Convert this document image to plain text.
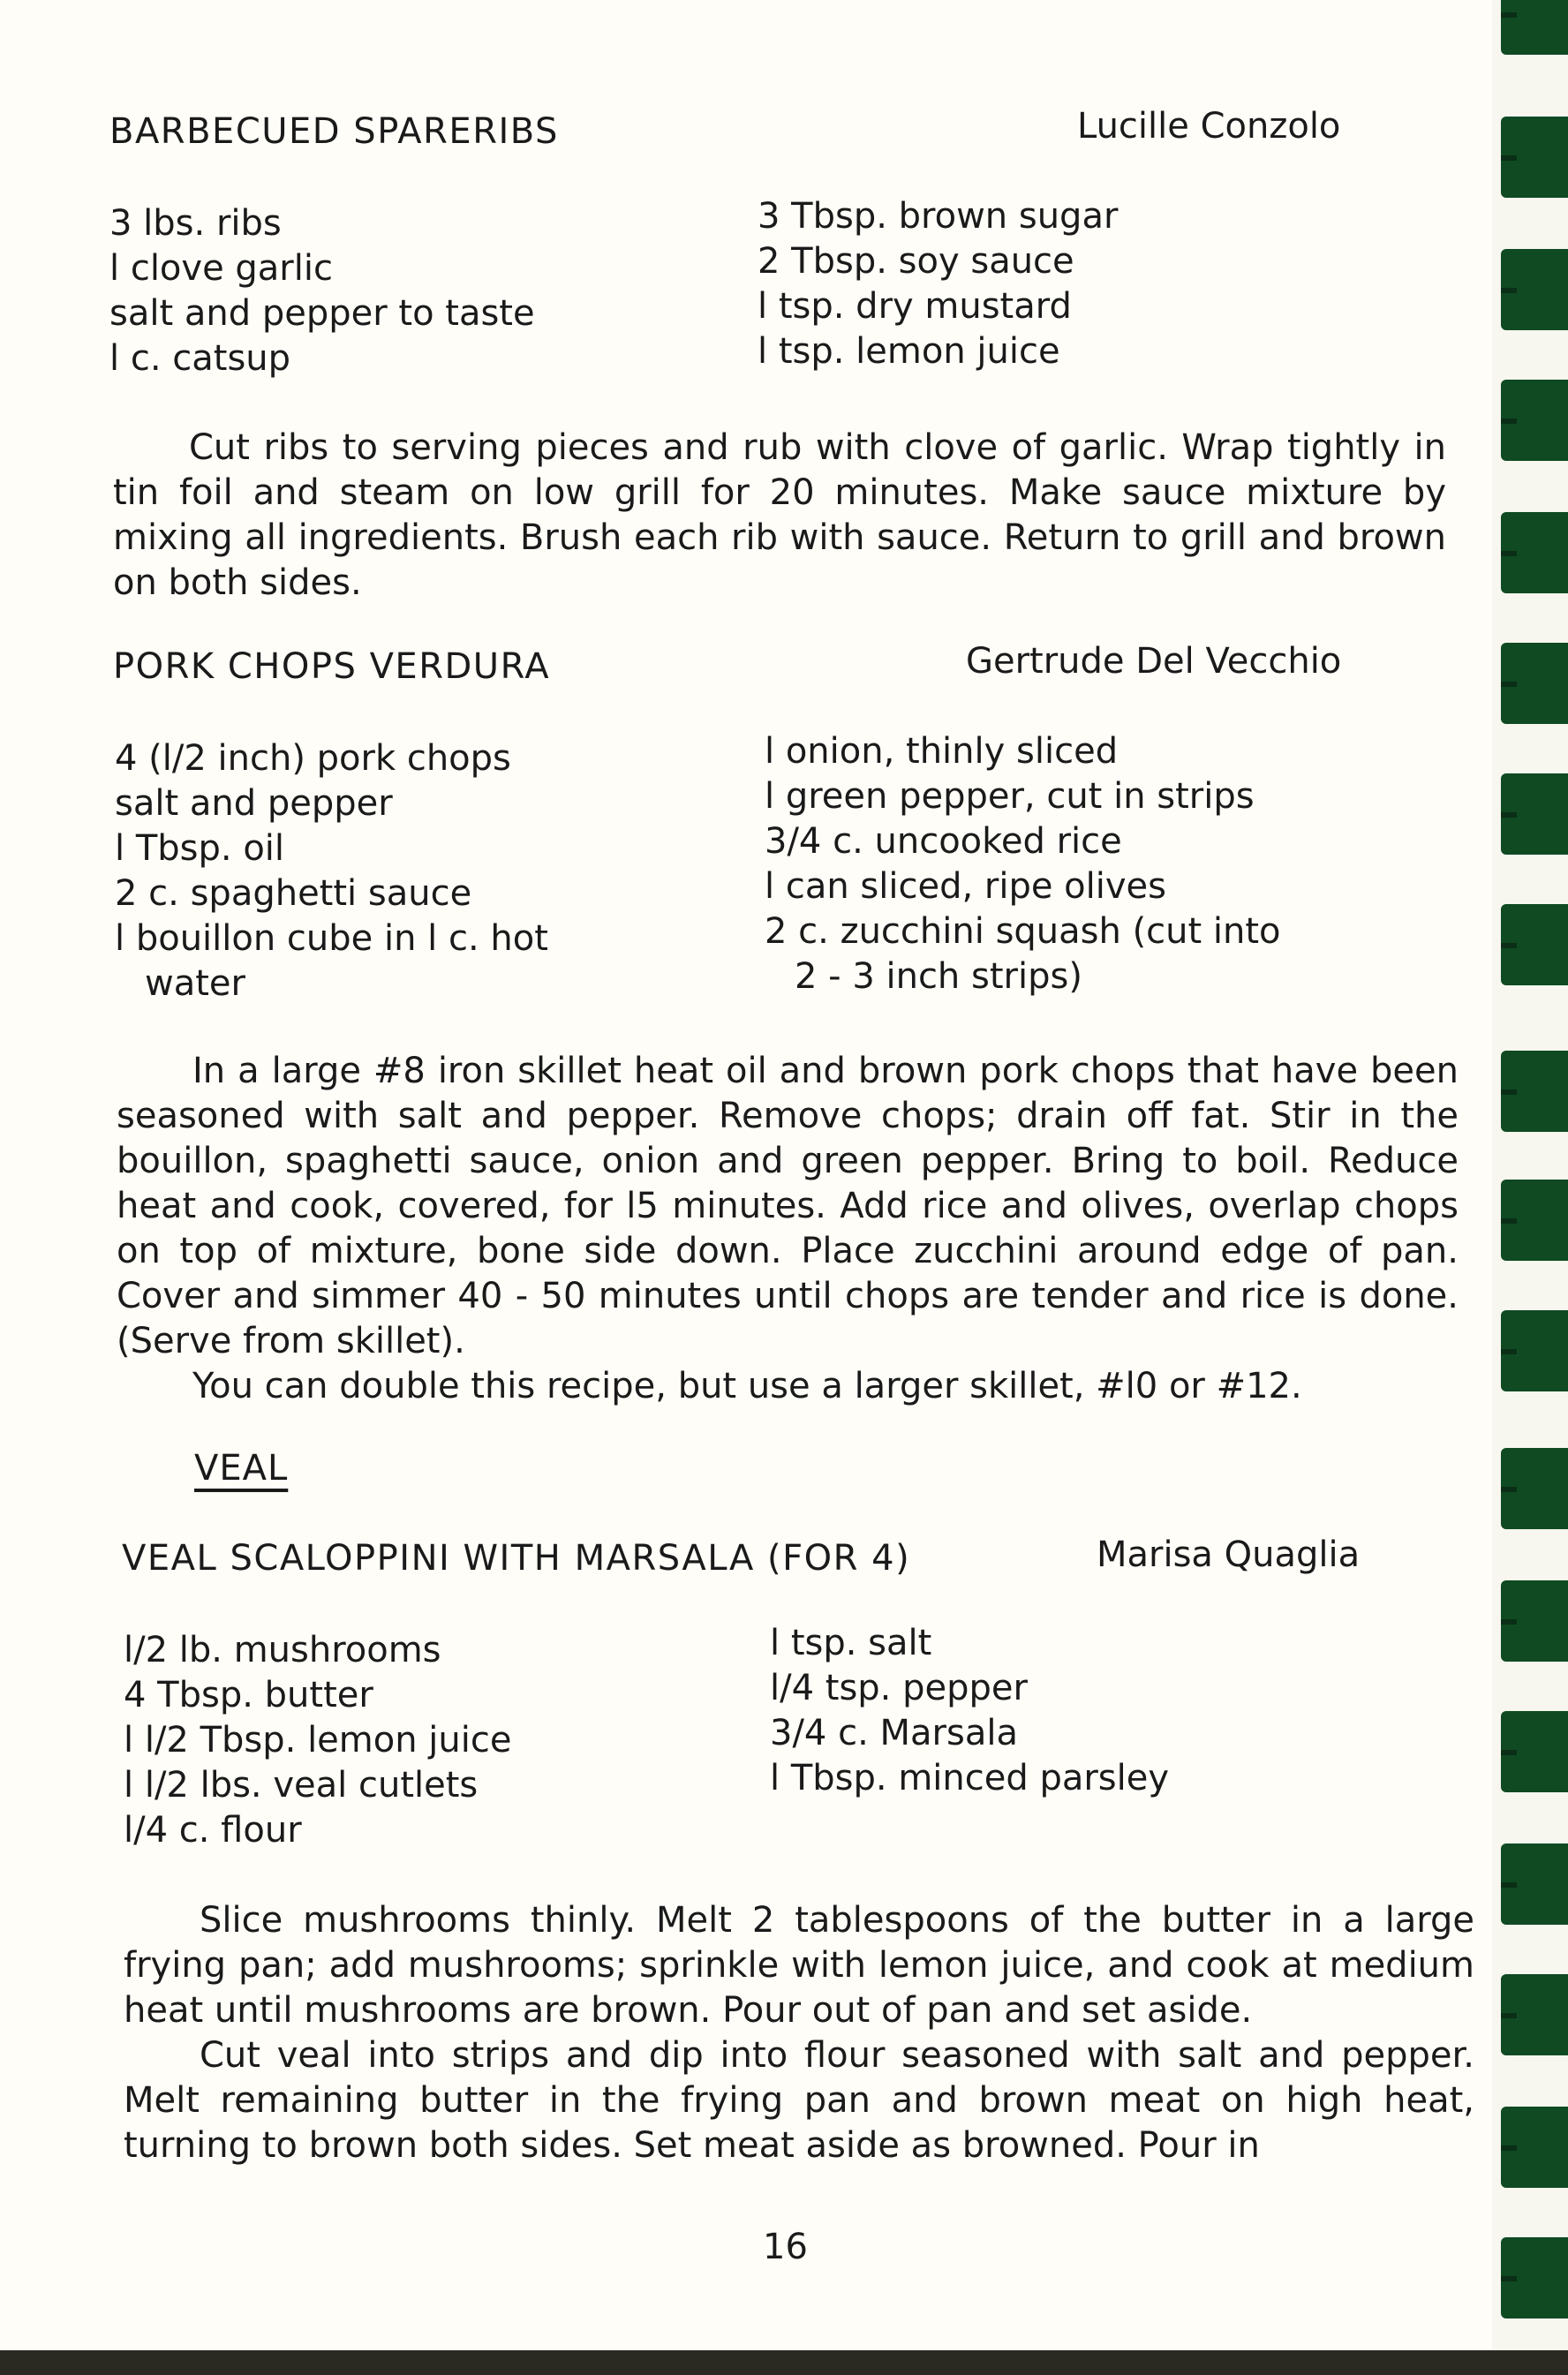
BARBECUED SPARERIBS	Lucille Conzolo
3 lbs. ribs
l clove garlic
salt and pepper to taste
l c. catsup
3 Tbsp. brown sugar
2 Tbsp. soy sauce
l tsp. dry mustard
l tsp. lemon juice

Cut ribs to serving pieces and rub with clove of garlic. Wrap tightly in tin foil and steam on low grill for 20 minutes. Make sauce mixture by mixing all ingredients. Brush each rib with sauce. Return to grill and brown on both sides.

PORK CHOPS VERDURA	Gertrude Del Vecchio
4 (l/2 inch) pork chops
salt and pepper
l Tbsp. oil
2 c. spaghetti sauce
l bouillon cube in l c. hot
water
l onion, thinly sliced
l green pepper, cut in strips
3/4 c. uncooked rice
l can sliced, ripe olives
2 c. zucchini squash (cut into
2 - 3 inch strips)

In a large #8 iron skillet heat oil and brown pork chops that have been seasoned with salt and pepper. Remove chops; drain off fat. Stir in the bouillon, spaghetti sauce, onion and green pepper. Bring to boil. Reduce heat and cook, covered, for l5 minutes. Add rice and olives, overlap chops on top of mixture, bone side down. Place zucchini around edge of pan. Cover and simmer 40 - 50 minutes until chops are tender and rice is done. (Serve from skillet).

You can double this recipe, but use a larger skillet, #l0 or #12.

VEAL
VEAL SCALOPPINI WITH MARSALA (FOR 4)	Marisa Quaglia
l/2 lb. mushrooms
4 Tbsp. butter
l l/2 Tbsp. lemon juice
l l/2 lbs. veal cutlets
l/4 c. flour
l tsp. salt
l/4 tsp. pepper
3/4 c. Marsala
l Tbsp. minced parsley

Slice mushrooms thinly. Melt 2 tablespoons of the butter in a large frying pan; add mushrooms; sprinkle with lemon juice, and cook at medium heat until mushrooms are brown. Pour out of pan and set aside.

Cut veal into strips and dip into flour seasoned with salt and pepper. Melt remaining butter in the frying pan and brown meat on high heat, turning to brown both sides. Set meat aside as browned. Pour in

16
